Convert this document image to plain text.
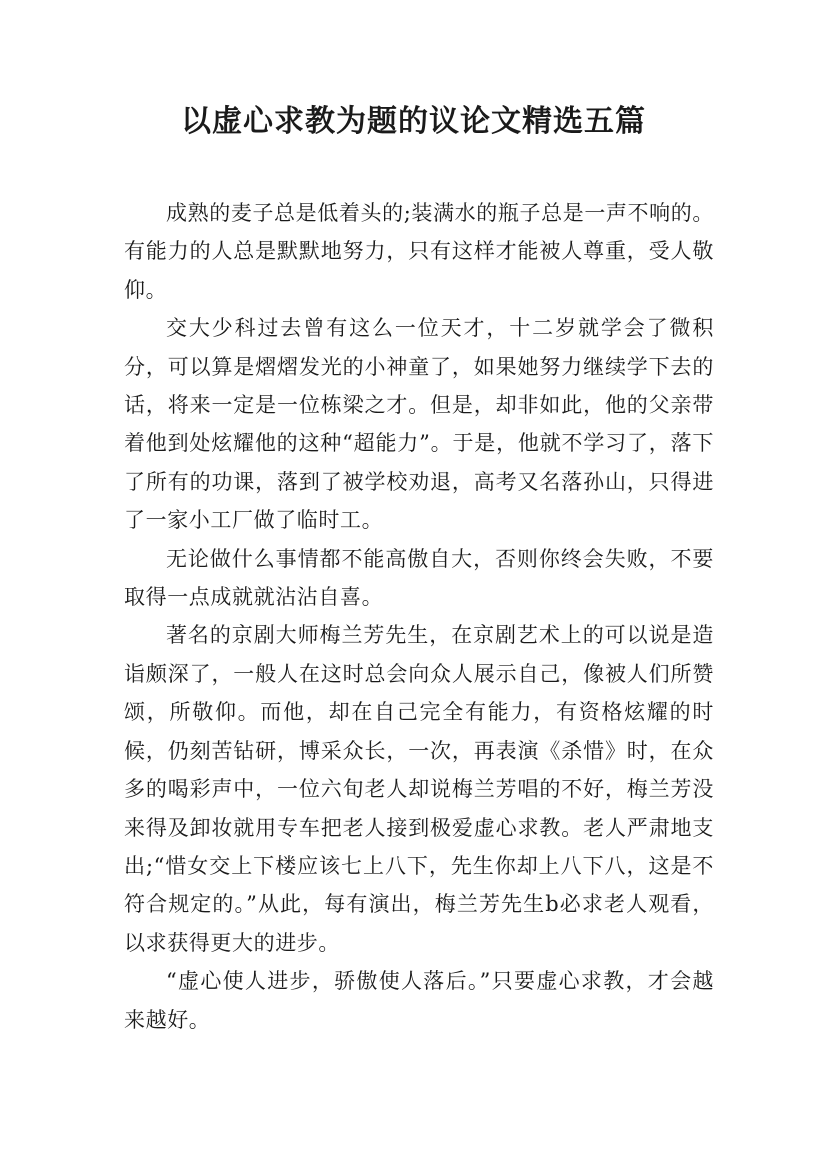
以虚心求教为题的议论文精选五篇

成熟的麦子总是低着头的;装满水的瓶子总是一声不响的。有能力的人总是默默地努力，只有这样才能被人尊重，受人敬仰。

交大少科过去曾有这么一位天才，十二岁就学会了微积分，可以算是熠熠发光的小神童了，如果她努力继续学下去的话，将来一定是一位栋梁之才。但是，却非如此，他的父亲带着他到处炫耀他的这种“超能力”。于是，他就不学习了，落下了所有的功课，落到了被学校劝退，高考又名落孙山，只得进了一家小工厂做了临时工。

无论做什么事情都不能高傲自大，否则你终会失败，不要取得一点成就就沾沾自喜。

著名的京剧大师梅兰芳先生，在京剧艺术上的可以说是造诣颇深了，一般人在这时总会向众人展示自己，像被人们所赞颂，所敬仰。而他，却在自己完全有能力，有资格炫耀的时候，仍刻苦钻研，博采众长，一次，再表演《杀惜》时，在众多的喝彩声中，一位六旬老人却说梅兰芳唱的不好，梅兰芳没来得及卸妆就用专车把老人接到极爱虚心求教。老人严肃地支出;“惜女交上下楼应该七上八下，先生你却上八下八，这是不符合规定的。”从此，每有演出，梅兰芳先生b必求老人观看，以求获得更大的进步。

“虚心使人进步，骄傲使人落后。”只要虚心求教，才会越来越好。
